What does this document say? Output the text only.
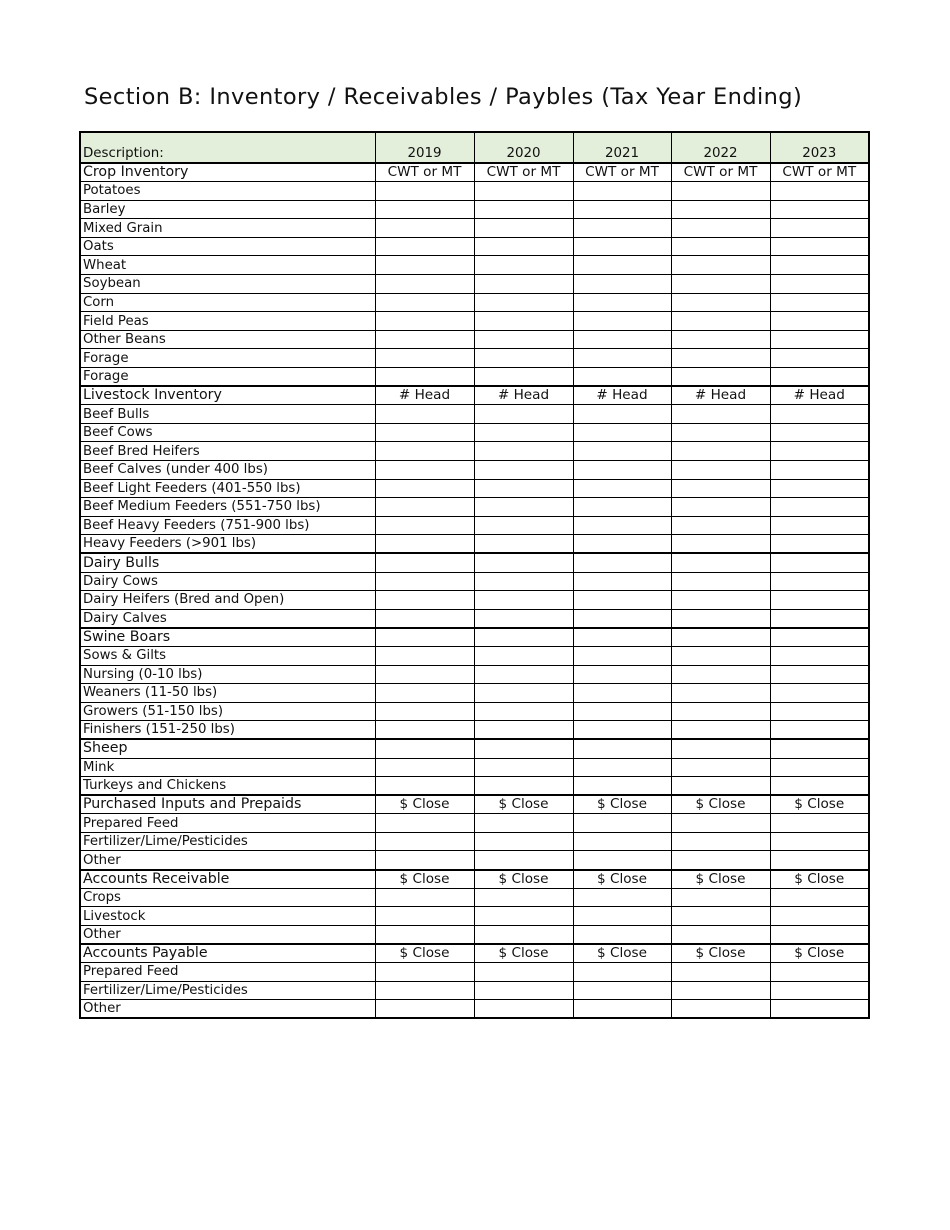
Section B: Inventory / Receivables / Paybles (Tax Year Ending)
Description:	2019	2020	2021	2022	2023
Crop Inventory	CWT or MT	CWT or MT	CWT or MT	CWT or MT	CWT or MT
Potatoes					
Barley					
Mixed Grain					
Oats					
Wheat					
Soybean					
Corn					
Field Peas					
Other Beans					
Forage					
Forage					
Livestock Inventory	# Head	# Head	# Head	# Head	# Head
Beef Bulls					
Beef Cows					
Beef Bred Heifers					
Beef Calves (under 400 lbs)					
Beef Light Feeders (401-550 lbs)					
Beef Medium Feeders (551-750 lbs)					
Beef Heavy Feeders (751-900 lbs)					
Heavy Feeders (>901 lbs)					
Dairy Bulls					
Dairy Cows					
Dairy Heifers (Bred and Open)					
Dairy Calves					
Swine Boars					
Sows & Gilts					
Nursing (0-10 lbs)					
Weaners (11-50 lbs)					
Growers (51-150 lbs)					
Finishers (151-250 lbs)					
Sheep					
Mink					
Turkeys and Chickens					
Purchased Inputs and Prepaids	$ Close	$ Close	$ Close	$ Close	$ Close
Prepared Feed					
Fertilizer/Lime/Pesticides					
Other					
Accounts Receivable	$ Close	$ Close	$ Close	$ Close	$ Close
Crops					
Livestock					
Other					
Accounts Payable	$ Close	$ Close	$ Close	$ Close	$ Close
Prepared Feed					
Fertilizer/Lime/Pesticides					
Other					
